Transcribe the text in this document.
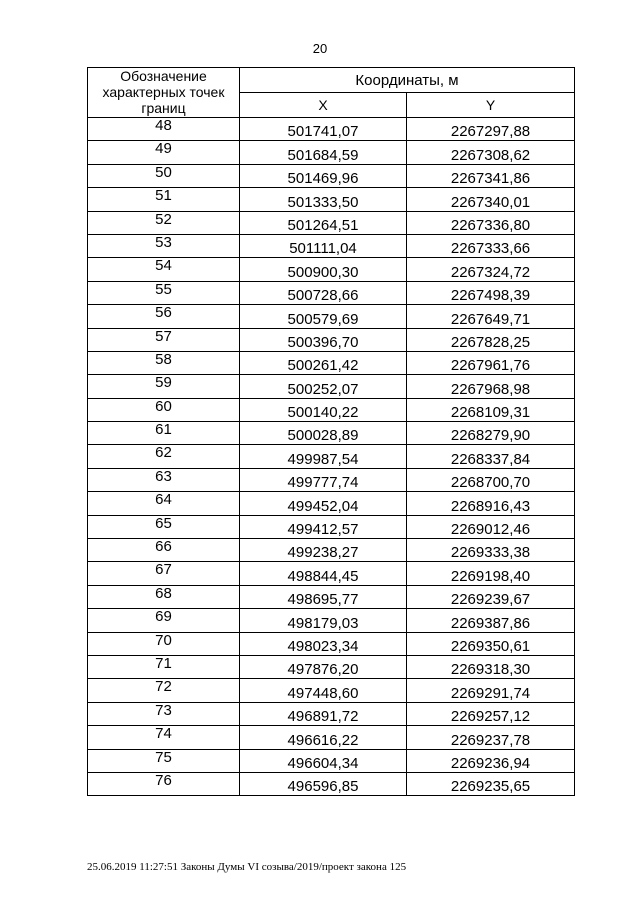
20
Обозначение характерных точек границ	Координаты, м	
	X	Y
48	501741,07	2267297,88
49	501684,59	2267308,62
50	501469,96	2267341,86
51	501333,50	2267340,01
52	501264,51	2267336,80
53	501111,04	2267333,66
54	500900,30	2267324,72
55	500728,66	2267498,39
56	500579,69	2267649,71
57	500396,70	2267828,25
58	500261,42	2267961,76
59	500252,07	2267968,98
60	500140,22	2268109,31
61	500028,89	2268279,90
62	499987,54	2268337,84
63	499777,74	2268700,70
64	499452,04	2268916,43
65	499412,57	2269012,46
66	499238,27	2269333,38
67	498844,45	2269198,40
68	498695,77	2269239,67
69	498179,03	2269387,86
70	498023,34	2269350,61
71	497876,20	2269318,30
72	497448,60	2269291,74
73	496891,72	2269257,12
74	496616,22	2269237,78
75	496604,34	2269236,94
76	496596,85	2269235,65
25.06.2019 11:27:51 Законы Думы VI созыва/2019/проект закона 125
